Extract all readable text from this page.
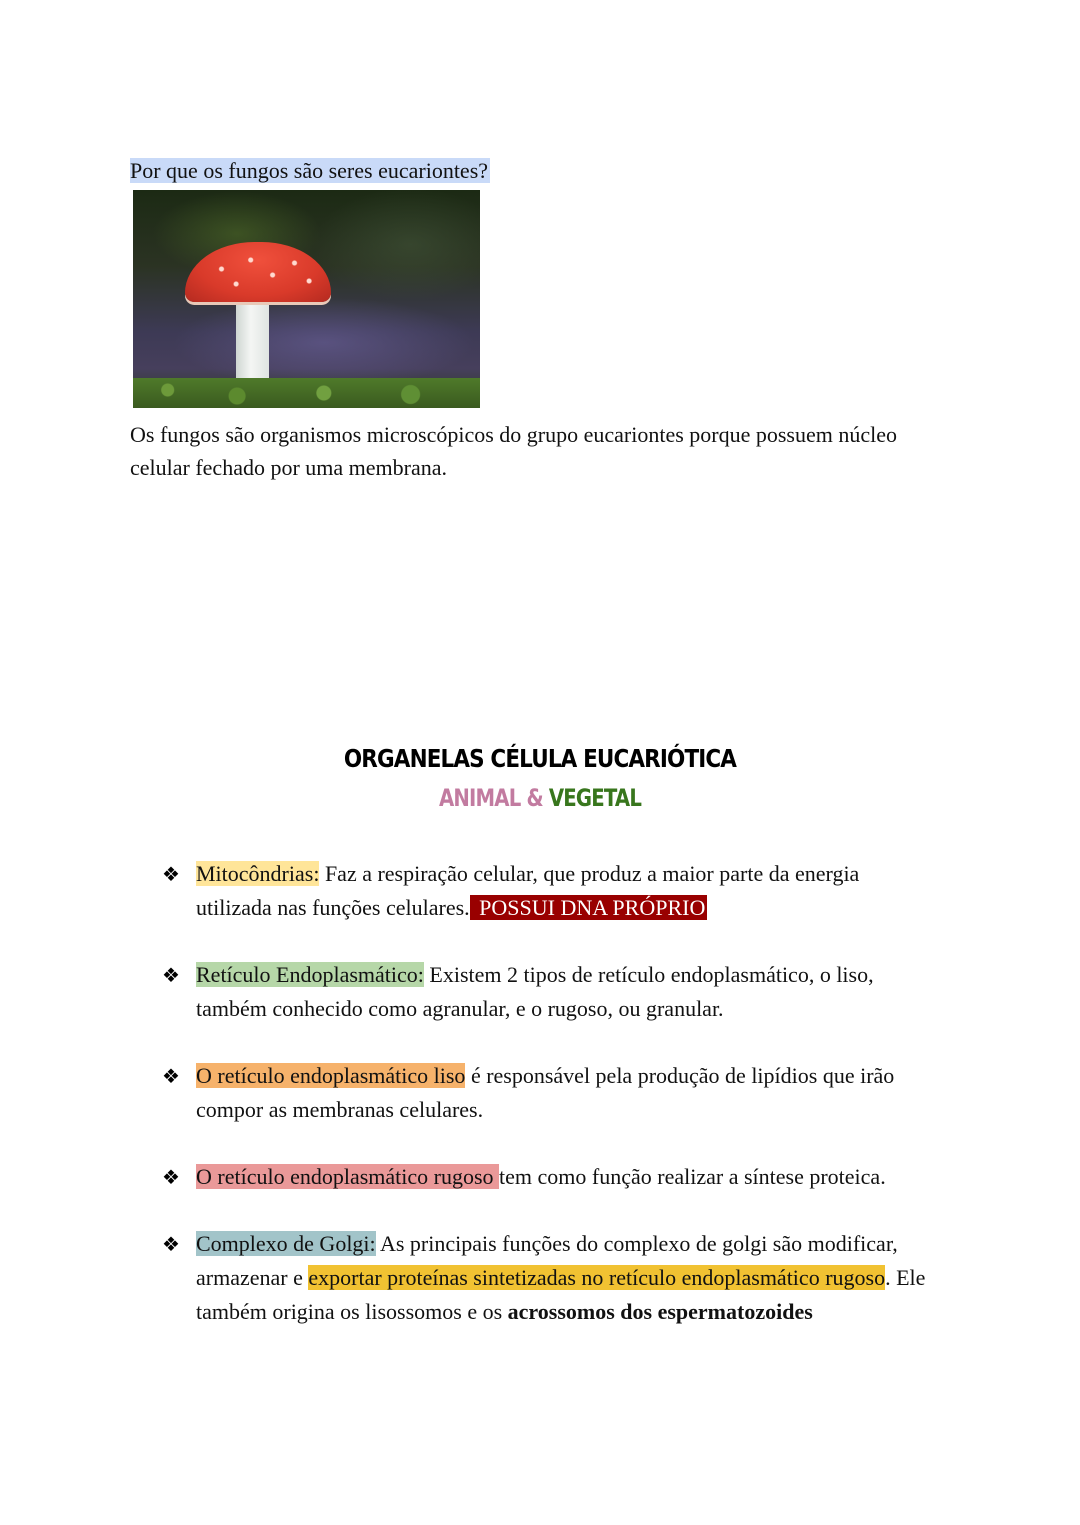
Por que os fungos são seres eucariontes?
Os fungos são organismos microscópicos do grupo eucariontes porque possuem núcleo celular fechado por uma membrana.
ORGANELAS CÉLULA EUCARIÓTICA
ANIMAL & VEGETAL
❖ Mitocôndrias: Faz a respiração celular, que produz a maior parte da energia utilizada nas funções celulares. POSSUI DNA PRÓPRIO
❖ Retículo Endoplasmático: Existem 2 tipos de retículo endoplasmático, o liso, também conhecido como agranular, e o rugoso, ou granular.
❖ O retículo endoplasmático liso é responsável pela produção de lipídios que irão compor as membranas celulares.
❖ O retículo endoplasmático rugoso tem como função realizar a síntese proteica.
❖ Complexo de Golgi: As principais funções do complexo de golgi são modificar, armazenar e exportar proteínas sintetizadas no retículo endoplasmático rugoso. Ele também origina os lisossomos e os acrossomos dos espermatozoides
